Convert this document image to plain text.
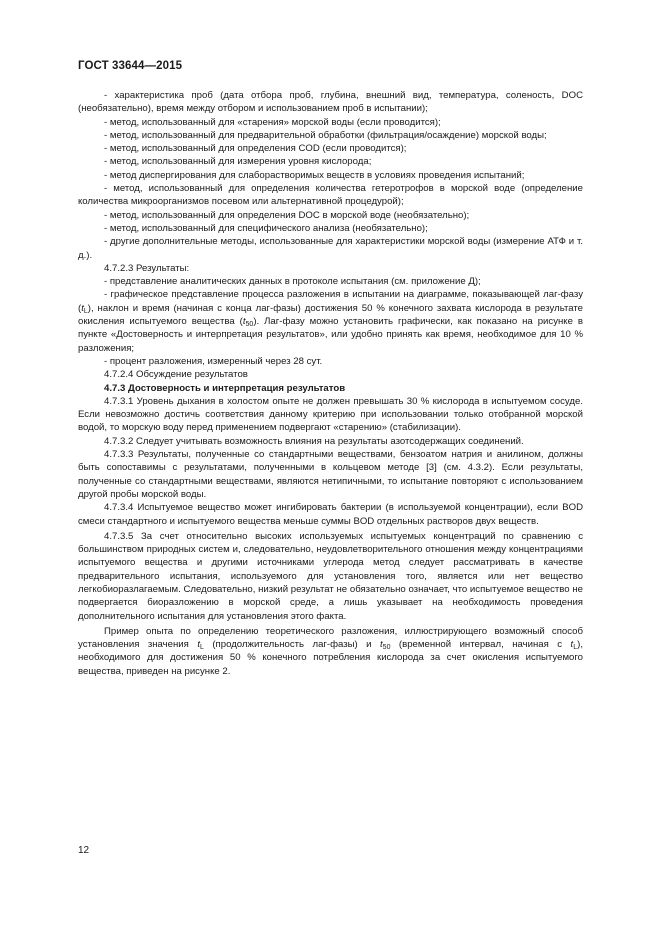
ГОСТ 33644—2015

- характеристика проб (дата отбора проб, глубина, внешний вид, температура, соленость, DOC (необязательно), время между отбором и использованием проб в испытании);

- метод, использованный для «старения» морской воды (если проводится);

- метод, использованный для предварительной обработки (фильтрация/осаждение) морской воды;

- метод, использованный для определения COD (если проводится);

- метод, использованный для измерения уровня кислорода;

- метод диспергирования для слаборастворимых веществ в условиях проведения испытаний;

- метод, использованный для определения количества гетеротрофов в морской воде (определение количества микроорганизмов посевом или альтернативной процедурой);

- метод, использованный для определения DOC в морской воде (необязательно);

- метод, использованный для специфического анализа (необязательно);

- другие дополнительные методы, использованные для характеристики морской воды (измерение АТФ и т. д.).

4.7.2.3 Результаты:

- представление аналитических данных в протоколе испытания (см. приложение Д);

- графическое представление процесса разложения в испытании на диаграмме, показывающей лаг-фазу $(t_L)$, наклон и время (начиная с конца лаг-фазы) достижения 50 % конечного захвата кислорода в результате окисления испытуемого вещества $(t_{50})$. Лаг-фазу можно установить графически, как показано на рисунке в пункте «Достоверность и интерпретация результатов», или удобно принять как время, необходимое для 10 % разложения;

- процент разложения, измеренный через 28 сут.

4.7.2.4 Обсуждение результатов

4.7.3 Достоверность и интерпретация результатов

4.7.3.1 Уровень дыхания в холостом опыте не должен превышать 30 % кислорода в испытуемом сосуде. Если невозможно достичь соответствия данному критерию при использовании только отобранной морской водой, то морскую воду перед применением подвергают «старению» (стабилизации).

4.7.3.2 Следует учитывать возможность влияния на результаты азотсодержащих соединений.

4.7.3.3 Результаты, полученные со стандартными веществами, бензоатом натрия и анилином, должны быть сопоставимы с результатами, полученными в кольцевом методе [3] (см. 4.3.2). Если результаты, полученные со стандартными веществами, являются нетипичными, то испытание повторяют с использованием другой пробы морской воды.

4.7.3.4 Испытуемое вещество может ингибировать бактерии (в используемой концентрации), если BOD смеси стандартного и испытуемого вещества меньше суммы BOD отдельных растворов двух веществ.

4.7.3.5 За счет относительно высоких используемых испытуемых концентраций по сравнению с большинством природных систем и, следовательно, неудовлетворительного отношения между концентрациями испытуемого вещества и другими источниками углерода метод следует рассматривать в качестве предварительного испытания, используемого для установления того, является или нет вещество легкобиоразлагаемым. Следовательно, низкий результат не обязательно означает, что испытуемое вещество не подвергается биоразложению в морской среде, а лишь указывает на необходимость проведения дополнительного испытания для установления этого факта.

Пример опыта по определению теоретического разложения, иллюстрирующего возможный способ установления значения $t_L$ (продолжительность лаг-фазы) и $t_{50}$ (временной интервал, начиная с $t_L$), необходимого для достижения 50 % конечного потребления кислорода за счет окисления испытуемого вещества, приведен на рисунке 2.

12
